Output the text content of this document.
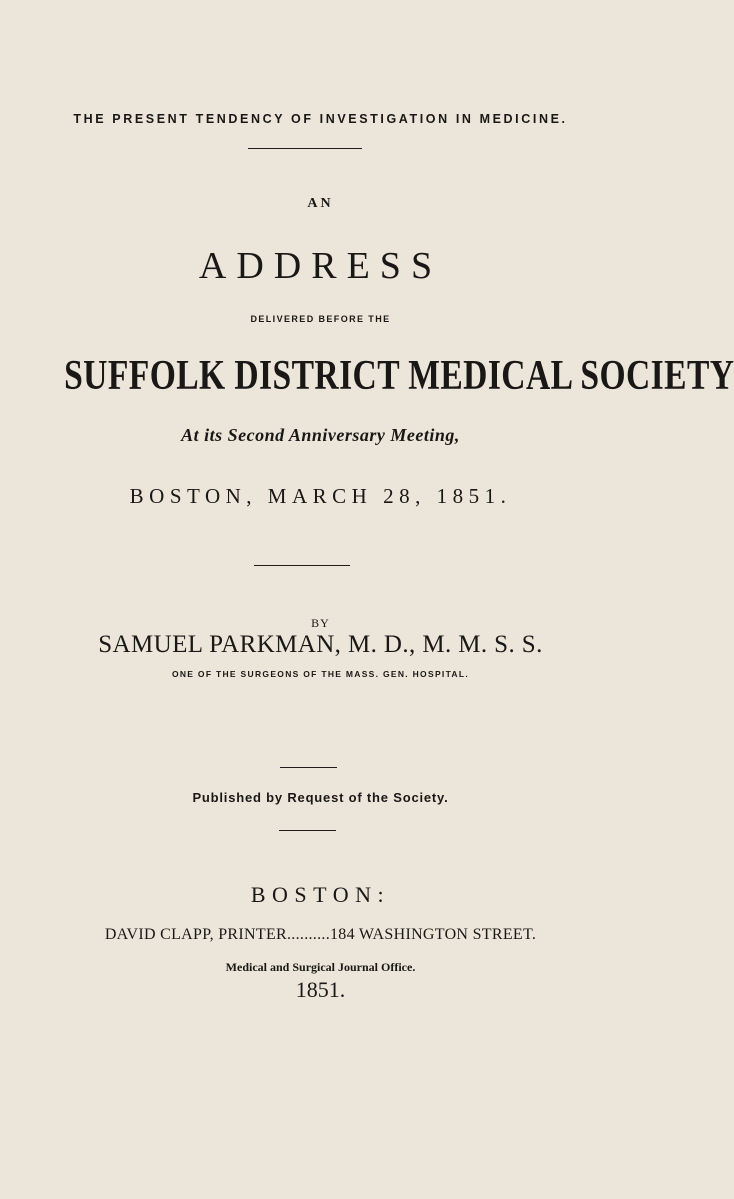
THE PRESENT TENDENCY OF INVESTIGATION IN MEDICINE.
AN
ADDRESS
DELIVERED BEFORE THE
SUFFOLK DISTRICT MEDICAL SOCIETY
At its Second Anniversary Meeting,
BOSTON, MARCH 28, 1851.
BY
SAMUEL PARKMAN, M. D., M. M. S. S.
ONE OF THE SURGEONS OF THE MASS. GEN. HOSPITAL.
Published by Request of the Society.
BOSTON:
DAVID CLAPP, PRINTER..........184 WASHINGTON STREET.
Medical and Surgical Journal Office.
1851.
